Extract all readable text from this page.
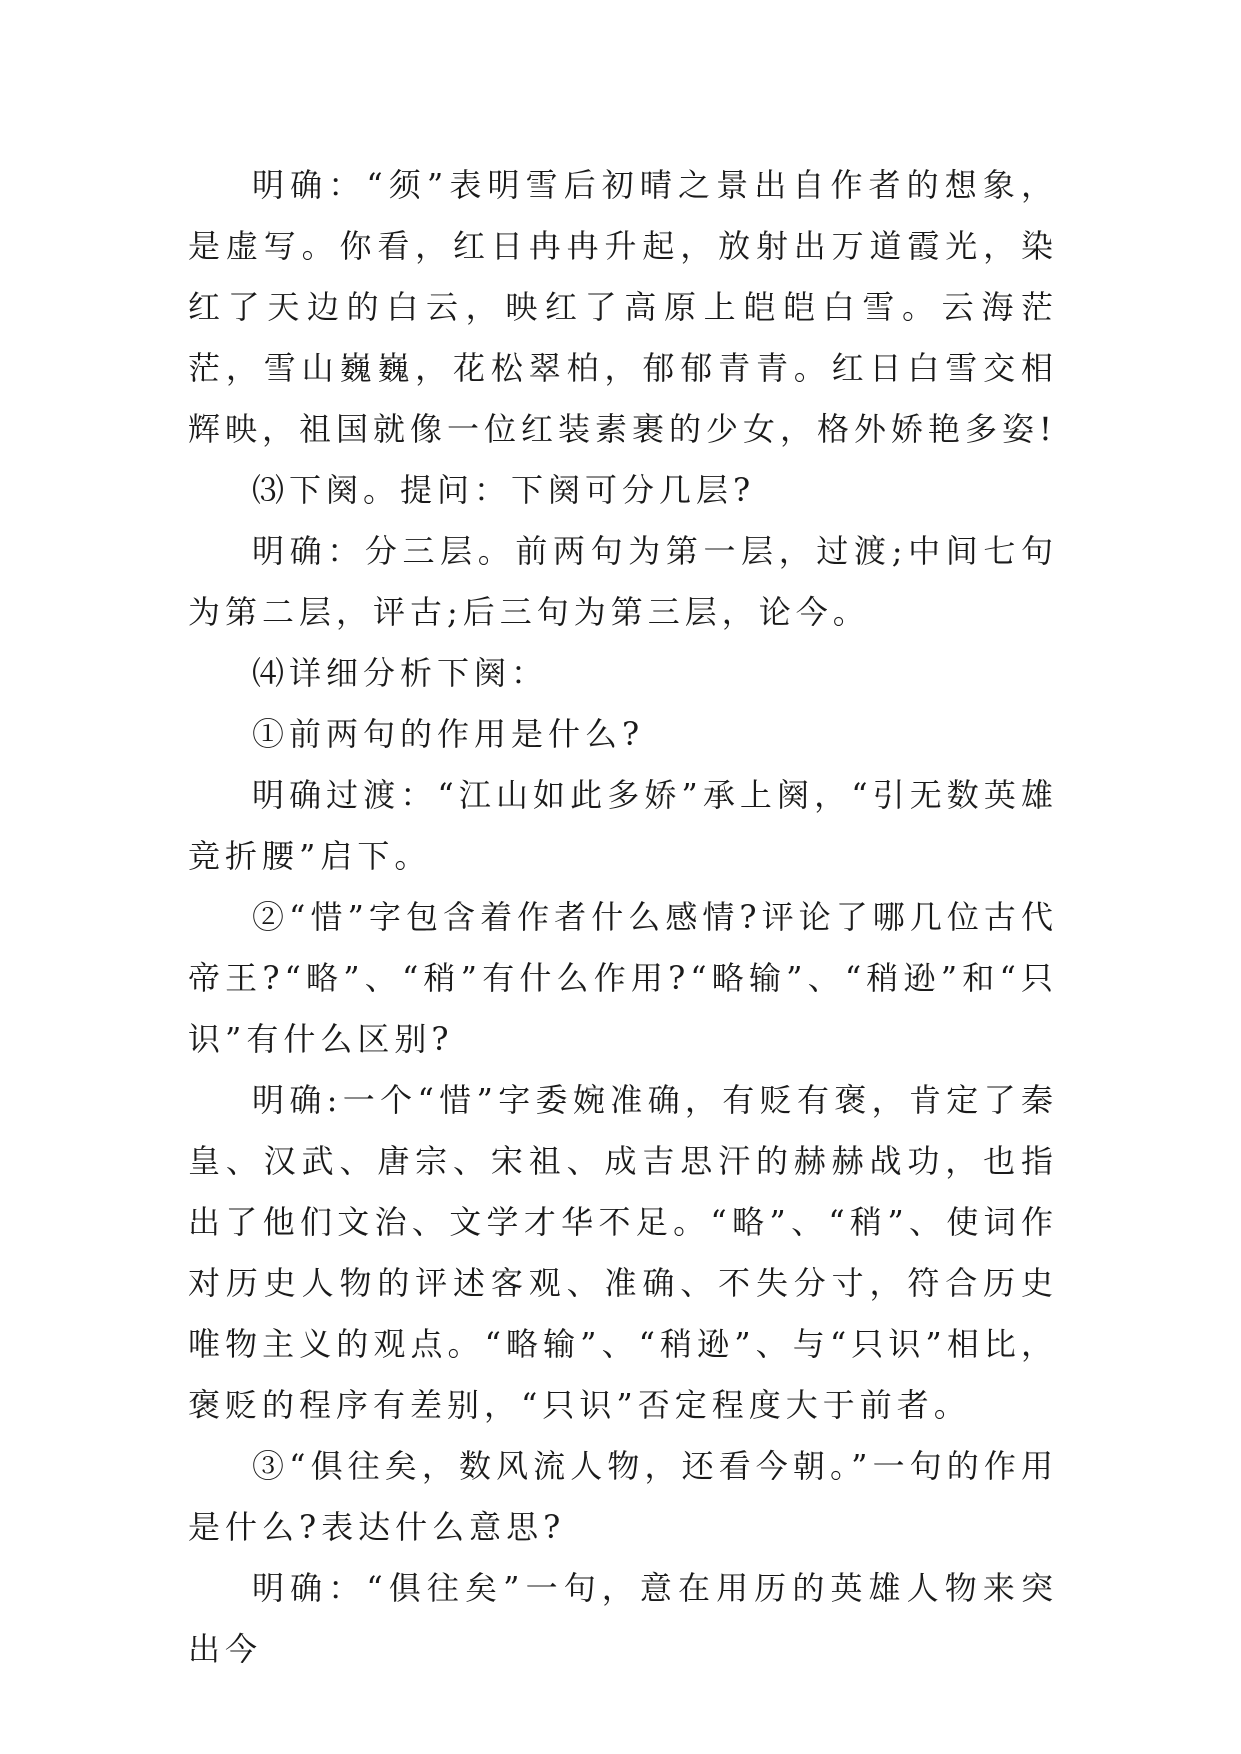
明确：“须”表明雪后初晴之景出自作者的想象，是虚写。你看，红日冉冉升起，放射出万道霞光，染红了天边的白云，映红了高原上皑皑白雪。云海茫茫，雪山巍巍，花松翠柏，郁郁青青。红日白雪交相辉映，祖国就像一位红装素裹的少女，格外娇艳多姿!

⑶下阕。提问：下阕可分几层?

明确：分三层。前两句为第一层，过渡;中间七句为第二层，评古;后三句为第三层，论今。

⑷详细分析下阕：

①前两句的作用是什么?

明确过渡：“江山如此多娇”承上阕，“引无数英雄竞折腰”启下。

②“惜”字包含着作者什么感情?评论了哪几位古代帝王?“略”、“稍”有什么作用?“略输”、“稍逊”和“只识”有什么区别?

明确:一个“惜”字委婉准确，有贬有褒，肯定了秦皇、汉武、唐宗、宋祖、成吉思汗的赫赫战功，也指出了他们文治、文学才华不足。“略”、“稍”、使词作对历史人物的评述客观、准确、不失分寸，符合历史唯物主义的观点。“略输”、“稍逊”、与“只识”相比，褒贬的程序有差别，“只识”否定程度大于前者。

③“俱往矣，数风流人物，还看今朝。”一句的作用是什么?表达什么意思?

明确：“俱往矣”一句，意在用历的英雄人物来突出今
